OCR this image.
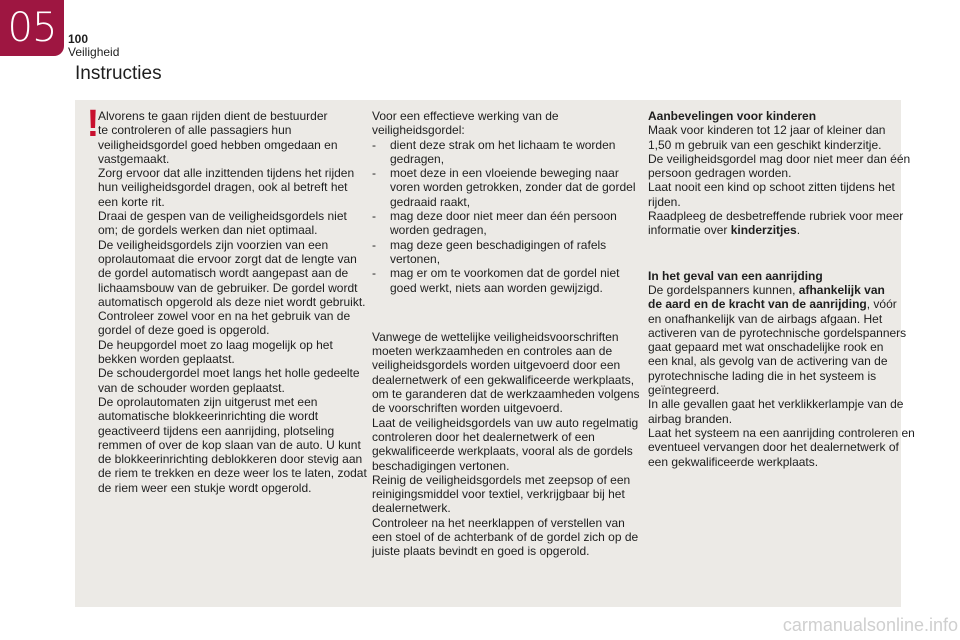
05 100
Veiligheid
Instructies
!

Alvorens te gaan rijden dient de bestuurder

te controleren of alle passagiers hun

veiligheidsgordel goed hebben omgedaan en

vastgemaakt.

Zorg ervoor dat alle inzittenden tijdens het rijden

hun veiligheidsgordel dragen, ook al betreft het

een korte rit.

Draai de gespen van de veiligheidsgordels niet

om; de gordels werken dan niet optimaal.

De veiligheidsgordels zijn voorzien van een

oprolautomaat die ervoor zorgt dat de lengte van

de gordel automatisch wordt aangepast aan de

lichaamsbouw van de gebruiker. De gordel wordt

automatisch opgerold als deze niet wordt gebruikt.

Controleer zowel voor en na het gebruik van de

gordel of deze goed is opgerold.

De heupgordel moet zo laag mogelijk op het

bekken worden geplaatst.

De schoudergordel moet langs het holle gedeelte

van de schouder worden geplaatst.

De oprolautomaten zijn uitgerust met een

automatische blokkeerinrichting die wordt

geactiveerd tijdens een aanrijding, plotseling

remmen of over de kop slaan van de auto. U kunt

de blokkeerinrichting deblokkeren door stevig aan

de riem te trekken en deze weer los te laten, zodat

de riem weer een stukje wordt opgerold.

Voor een effectieve werking van de

veiligheidsgordel:

- dient deze strak om het lichaam te worden

gedragen,

- moet deze in een vloeiende beweging naar

voren worden getrokken, zonder dat de gordel

gedraaid raakt,

- mag deze door niet meer dan één persoon

worden gedragen,

- mag deze geen beschadigingen of rafels

vertonen,

- mag er om te voorkomen dat de gordel niet

goed werkt, niets aan worden gewijzigd.

Vanwege de wettelijke veiligheidsvoorschriften

moeten werkzaamheden en controles aan de

veiligheidsgordels worden uitgevoerd door een

dealernetwerk of een gekwalificeerde werkplaats,

om te garanderen dat de werkzaamheden volgens

de voorschriften worden uitgevoerd.

Laat de veiligheidsgordels van uw auto regelmatig

controleren door het dealernetwerk of een

gekwalificeerde werkplaats, vooral als de gordels

beschadigingen vertonen.

Reinig de veiligheidsgordels met zeepsop of een

reinigingsmiddel voor textiel, verkrijgbaar bij het

dealernetwerk.

Controleer na het neerklappen of verstellen van

een stoel of de achterbank of de gordel zich op de

juiste plaats bevindt en goed is opgerold.

Aanbevelingen voor kinderen

Maak voor kinderen tot 12 jaar of kleiner dan

1,50 m gebruik van een geschikt kinderzitje.

De veiligheidsgordel mag door niet meer dan één

persoon gedragen worden.

Laat nooit een kind op schoot zitten tijdens het

rijden.

Raadpleeg de desbetreffende rubriek voor meer

informatie over kinderzitjes.

In het geval van een aanrijding

De gordelspanners kunnen, afhankelijk van

de aard en de kracht van de aanrijding, vóór

en onafhankelijk van de airbags afgaan. Het

activeren van de pyrotechnische gordelspanners

gaat gepaard met wat onschadelijke rook en

een knal, als gevolg van de activering van de

pyrotechnische lading die in het systeem is

geïntegreerd.

In alle gevallen gaat het verklikkerlampje van de

airbag branden.

Laat het systeem na een aanrijding controleren en

eventueel vervangen door het dealernetwerk of

een gekwalificeerde werkplaats.

carmanualsonline.info
